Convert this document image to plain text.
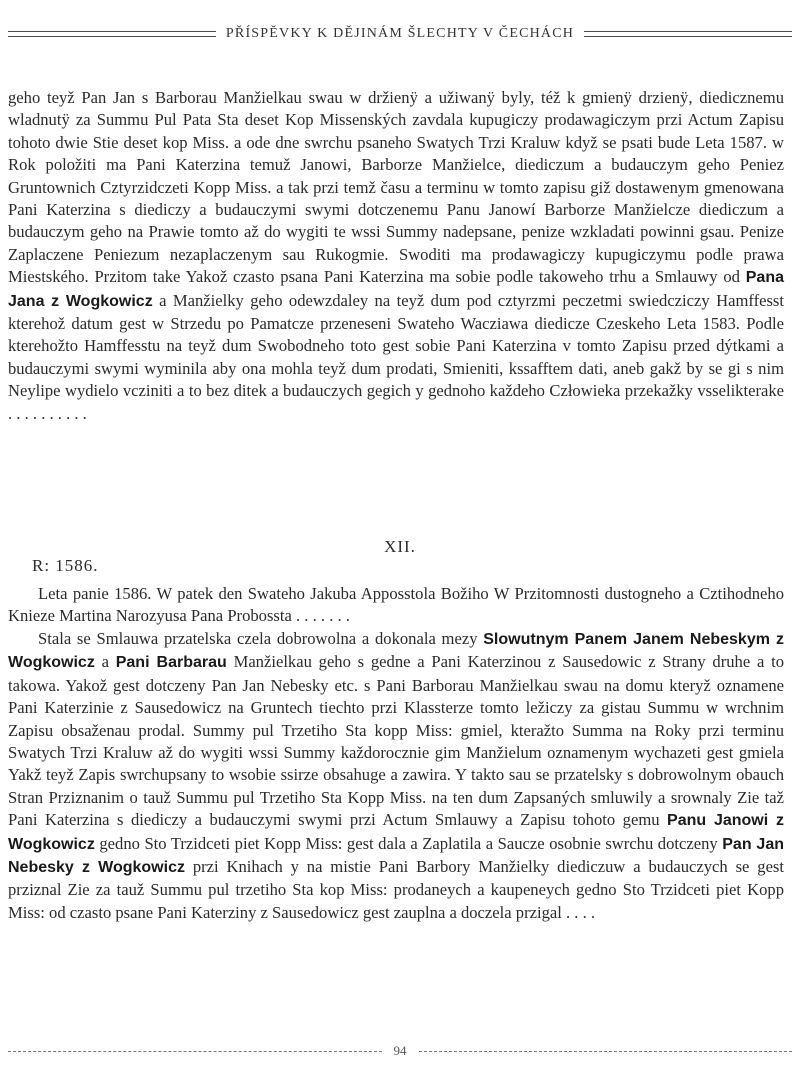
PŘÍSPĚVKY K DĚJINÁM ŠLECHTY V ČECHÁCH

geho teyž Pan Jan s Barborau Manžielkau swau w držienÿ a užiwanÿ byly, též k gmienÿ drzienÿ, diedicznemu wladnutÿ za Summu Pul Pata Sta deset Kop Missenských zavdala kupugiczy prodawagiczym przi Actum Zapisu tohoto dwie Stie deset kop Miss. a ode dne swrchu psaneho Swatych Trzi Kraluw když se psati bude Leta 1587. w Rok položiti ma Pani Katerzina temuž Janowi, Barborze Manžielce, diediczum a budauczym geho Peniez Gruntownich Cztyrzidczeti Kopp Miss. a tak przi temž času a terminu w tomto zapisu giž dostawenym gmenowana Pani Katerzina s diediczy a budauczymi swymi dotczenemu Panu Janowí Barborze Manžielcze diediczum a budauczym geho na Prawie tomto až do wygiti te wssi Summy nadepsane, penize wzkladati powinni gsau. Penize Zaplaczene Peniezum nezaplaczenym sau Rukogmie. Swoditi ma prodawagiczy kupugiczymu podle prawa Miestského. Przitom take Yakož czasto psana Pani Katerzina ma sobie podle takoweho trhu a Smlauwy od Pana Jana z Wogkowicz a Manžielky geho odewzdaley na teyž dum pod cztyrzmi peczetmi swiedcziczy Hamffesst kterehož datum gest w Strzedu po Pamatcze przeneseni Swateho Wacziawa diedicze Czeskeho Leta 1583. Podle kterehožto Hamffesstu na teyž dum Swobodneho toto gest sobie Pani Katerzina v tomto Zapisu przed dýtkami a budauczymi swymi wyminila aby ona mohla teyž dum prodati, Smieniti, kssafftem dati, aneb gakž by se gi s nim Neylipe wydielo vcziniti a to bez ditek a budauczych gegich y gednoho každeho Człowieka przekažky vsselikterake . . . . . . . . . .

XII.

R: 1586.

Leta panie 1586. W patek den Swateho Jakuba Apposstola Božiho W Przitomnosti dustogneho a Cztihodneho Knieze Martina Narozyusa Pana Probossta . . . . . . .

Stala se Smlauwa przatelska czela dobrowolna a dokonala mezy Slowutnym Panem Janem Nebeskym z Wogkowicz a Pani Barbarau Manžielkau geho s gedne a Pani Katerzinou z Sausedowic z Strany druhe a to takowa. Yakož gest dotczeny Pan Jan Nebesky etc. s Pani Barborau Manžielkau swau na domu kteryž oznamene Pani Katerzinie z Sausedowicz na Gruntech tiechto przi Klassterze tomto ležiczy za gistau Summu w wrchnim Zapisu obsaženau prodal. Summy pul Trzetiho Sta kopp Miss: gmiel, kteražto Summa na Roky przi terminu Swatych Trzi Kraluw až do wygiti wssi Summy každorocznie gim Manžielum oznamenym wychazeti gest gmiela Yakž teyž Zapis swrchupsany to wsobie ssirze obsahuge a zawira. Y takto sau se przatelsky s dobrowolnym obauch Stran Prziznanim o tauž Summu pul Trzetiho Sta Kopp Miss. na ten dum Zapsaných smluwily a srownaly Zie taž Pani Katerzina s diediczy a budauczymi swymi przi Actum Smlauwy a Zapisu tohoto gemu Panu Janowi z Wogkowicz gedno Sto Trzidceti piet Kopp Miss: gest dala a Zaplatila a Saucze osobnie swrchu dotczeny Pan Jan Nebesky z Wogkowicz przi Knihach y na mistie Pani Barbory Manžielky diediczuw a budauczych se gest prziznal Zie za tauž Summu pul trzetiho Sta kop Miss: prodaneych a kaupeneych gedno Sto Trzidceti piet Kopp Miss: od czasto psane Pani Katerziny z Sausedowicz gest zauplna a doczela przigal . . . .

94
